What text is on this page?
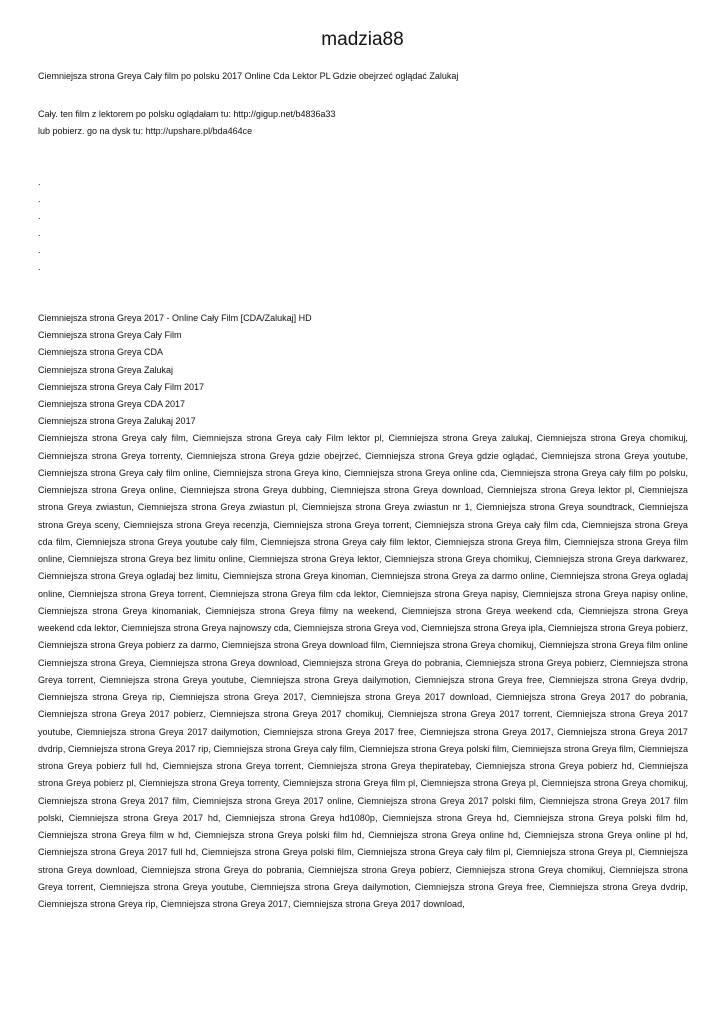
madzia88

Ciemniejsza strona Greya Cały film po polsku 2017 Online Cda Lektor PL Gdzie obejrzeć oglądać Zalukaj

Cały. ten film z lektorem po polsku oglądałam tu: http://gigup.net/b4836a33
lub pobierz. go na dysk tu: http://upshare.pl/bda464ce
.
.
.
.
.
.
Ciemniejsza strona Greya 2017 - Online Cały Film [CDA/Zalukaj] HD
Ciemniejsza strona Greya Cały Film
Ciemniejsza strona Greya CDA
Ciemniejsza strona Greya Zalukaj
Ciemniejsza strona Greya Cały Film 2017
Ciemniejsza strona Greya CDA 2017
Ciemniejsza strona Greya Zalukaj 2017

Ciemniejsza strona Greya cały film, Ciemniejsza strona Greya cały Film lektor pl, Ciemniejsza strona Greya zalukaj, Ciemniejsza strona Greya chomikuj, Ciemniejsza strona Greya torrenty, Ciemniejsza strona Greya gdzie obejrzeć, Ciemniejsza strona Greya gdzie oglądać, Ciemniejsza strona Greya youtube, Ciemniejsza strona Greya cały film online, Ciemniejsza strona Greya kino, Ciemniejsza strona Greya online cda, Ciemniejsza strona Greya cały film po polsku, Ciemniejsza strona Greya online, Ciemniejsza strona Greya dubbing, Ciemniejsza strona Greya download, Ciemniejsza strona Greya lektor pl, Ciemniejsza strona Greya zwiastun, Ciemniejsza strona Greya zwiastun pl, Ciemniejsza strona Greya zwiastun nr 1, Ciemniejsza strona Greya soundtrack, Ciemniejsza strona Greya sceny, Ciemniejsza strona Greya recenzja, Ciemniejsza strona Greya torrent, Ciemniejsza strona Greya cały film cda, Ciemniejsza strona Greya cda film, Ciemniejsza strona Greya youtube cały film, Ciemniejsza strona Greya cały film lektor, Ciemniejsza strona Greya film, Ciemniejsza strona Greya film online, Ciemniejsza strona Greya bez limitu online, Ciemniejsza strona Greya lektor, Ciemniejsza strona Greya chomikuj, Ciemniejsza strona Greya darkwarez, Ciemniejsza strona Greya ogladaj bez limitu, Ciemniejsza strona Greya kinoman, Ciemniejsza strona Greya za darmo online, Ciemniejsza strona Greya ogladaj online, Ciemniejsza strona Greya torrent, Ciemniejsza strona Greya film cda lektor, Ciemniejsza strona Greya napisy, Ciemniejsza strona Greya napisy online, Ciemniejsza strona Greya kinomaniak, Ciemniejsza strona Greya filmy na weekend, Ciemniejsza strona Greya weekend cda, Ciemniejsza strona Greya weekend cda lektor, Ciemniejsza strona Greya najnowszy cda, Ciemniejsza strona Greya vod, Ciemniejsza strona Greya ipla, Ciemniejsza strona Greya pobierz, Ciemniejsza strona Greya pobierz za darmo, Ciemniejsza strona Greya download film, Ciemniejsza strona Greya chomikuj, Ciemniejsza strona Greya film online Ciemniejsza strona Greya, Ciemniejsza strona Greya download, Ciemniejsza strona Greya do pobrania, Ciemniejsza strona Greya pobierz, Ciemniejsza strona Greya torrent, Ciemniejsza strona Greya youtube, Ciemniejsza strona Greya dailymotion, Ciemniejsza strona Greya free, Ciemniejsza strona Greya dvdrip, Ciemniejsza strona Greya rip, Ciemniejsza strona Greya 2017, Ciemniejsza strona Greya 2017 download, Ciemniejsza strona Greya 2017 do pobrania, Ciemniejsza strona Greya 2017 pobierz, Ciemniejsza strona Greya 2017 chomikuj, Ciemniejsza strona Greya 2017 torrent, Ciemniejsza strona Greya 2017 youtube, Ciemniejsza strona Greya 2017 dailymotion, Ciemniejsza strona Greya 2017 free, Ciemniejsza strona Greya 2017, Ciemniejsza strona Greya 2017 dvdrip, Ciemniejsza strona Greya 2017 rip, Ciemniejsza strona Greya cały film, Ciemniejsza strona Greya polski film, Ciemniejsza strona Greya film, Ciemniejsza strona Greya pobierz full hd, Ciemniejsza strona Greya torrent, Ciemniejsza strona Greya thepiratebay, Ciemniejsza strona Greya pobierz hd, Ciemniejsza strona Greya pobierz pl, Ciemniejsza strona Greya torrenty, Ciemniejsza strona Greya film pl, Ciemniejsza strona Greya pl, Ciemniejsza strona Greya chomikuj, Ciemniejsza strona Greya 2017 film, Ciemniejsza strona Greya 2017 online, Ciemniejsza strona Greya 2017 polski film, Ciemniejsza strona Greya 2017 film polski, Ciemniejsza strona Greya 2017 hd, Ciemniejsza strona Greya hd1080p, Ciemniejsza strona Greya hd, Ciemniejsza strona Greya polski film hd, Ciemniejsza strona Greya film w hd, Ciemniejsza strona Greya polski film hd, Ciemniejsza strona Greya online hd, Ciemniejsza strona Greya online pl hd, Ciemniejsza strona Greya 2017 full hd, Ciemniejsza strona Greya polski film, Ciemniejsza strona Greya cały film pl, Ciemniejsza strona Greya pl, Ciemniejsza strona Greya download, Ciemniejsza strona Greya do pobrania, Ciemniejsza strona Greya pobierz, Ciemniejsza strona Greya chomikuj, Ciemniejsza strona Greya torrent, Ciemniejsza strona Greya youtube, Ciemniejsza strona Greya dailymotion, Ciemniejsza strona Greya free, Ciemniejsza strona Greya dvdrip, Ciemniejsza strona Greya rip, Ciemniejsza strona Greya 2017, Ciemniejsza strona Greya 2017 download,
